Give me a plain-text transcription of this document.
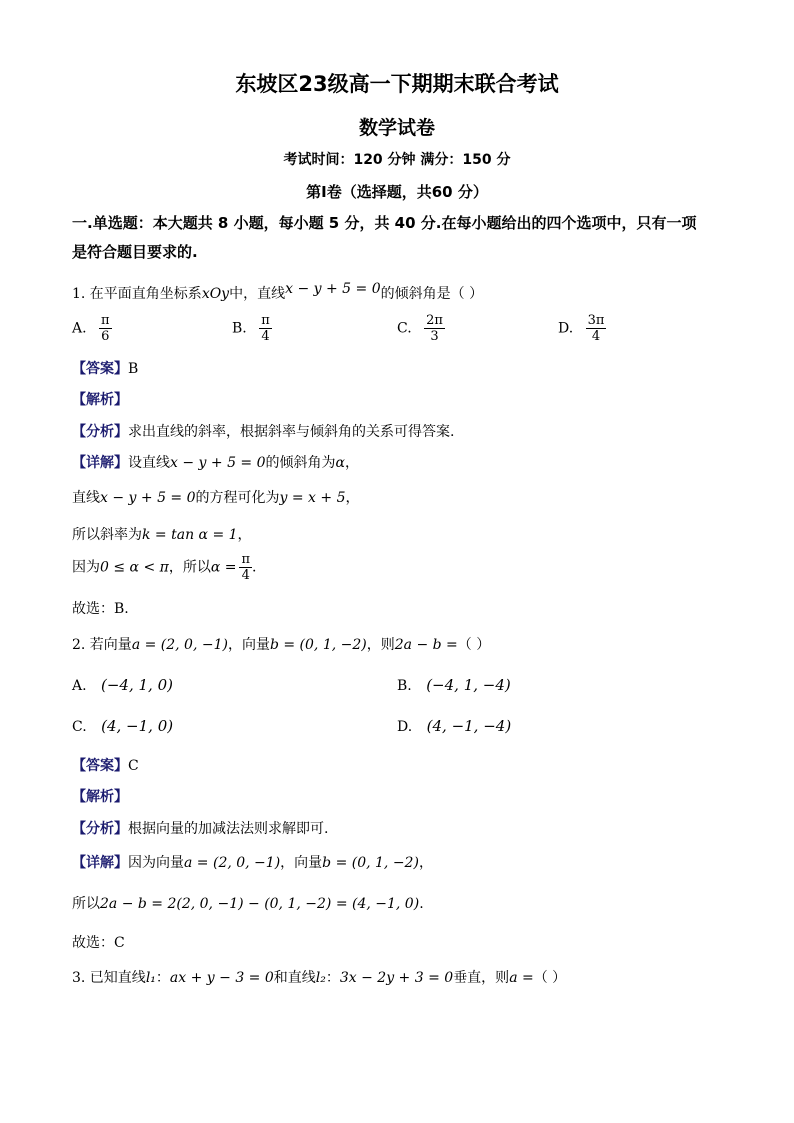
东坡区23级高一下期期末联合考试
数学试卷
考试时间：120 分钟 满分：150 分
第Ⅰ卷（选择题，共60 分）
一.单选题：本大题共 8 小题，每小题 5 分，共 40 分.在每小题给出的四个选项中，只有一项
是符合题目要求的.
1. 在平面直角坐标系xOy中，直线x − y + 5 = 0的倾斜角是（ ）
A. $\frac{\pi}{6}$	B. $\frac{\pi}{4}$	C. $\frac{2\pi}{3}$	D. $\frac{3\pi}{4}$
【答案】B
【解析】
【分析】求出直线的斜率，根据斜率与倾斜角的关系可得答案.
【详解】设直线x − y + 5 = 0的倾斜角为α，
直线x − y + 5 = 0的方程可化为y = x + 5，
所以斜率为k = tan α = 1，
因为0 ≤ α < π，所以$\alpha = \frac{\pi}{4}$ .
故选：B.
2. 若向量a = (2, 0, −1)，向量b = (0, 1, −2)，则2a − b =（ ）
A. (−4, 1, 0)	B. (−4, 1, −4)
C. (4, −1, 0)	D. (4, −1, −4)
【答案】C
【解析】
【分析】根据向量的加减法法则求解即可.
【详解】因为向量a = (2, 0, −1)，向量b = (0, 1, −2)，
所以2a − b = 2(2, 0, −1) − (0, 1, −2) = (4, −1, 0).
故选：C
3. 已知直线l₁：ax + y − 3 = 0和直线l₂：3x − 2y + 3 = 0垂直，则a =（ ）
